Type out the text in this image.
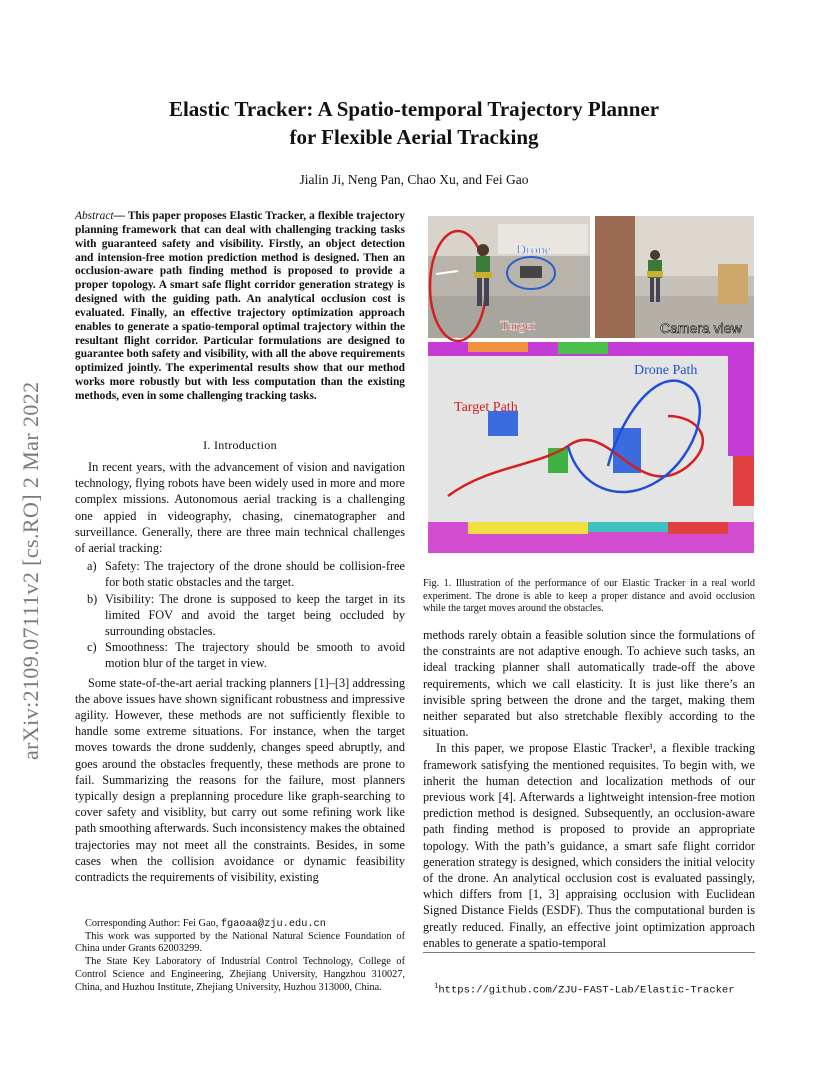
Elastic Tracker: A Spatio-temporal Trajectory Planner
for Flexible Aerial Tracking
Jialin Ji, Neng Pan, Chao Xu, and Fei Gao
arXiv:2109.07111v2 [cs.RO] 2 Mar 2022
Abstract— This paper proposes Elastic Tracker, a flexible trajectory planning framework that can deal with challenging tracking tasks with guaranteed safety and visibility. Firstly, an object detection and intension-free motion prediction method is designed. Then an occlusion-aware path finding method is proposed to provide a proper topology. A smart safe flight corridor generation strategy is designed with the guiding path. An analytical occlusion cost is evaluated. Finally, an effective trajectory optimization approach enables to generate a spatio-temporal optimal trajectory within the resultant flight corridor. Particular formulations are designed to guarantee both safety and visibility, with all the above requirements optimized jointly. The experimental results show that our method works more robustly but with less computation than the existing methods, even in some challenging tracking tasks.
I. Introduction

In recent years, with the advancement of vision and navigation technology, flying robots have been widely used in more and more complex missions. Autonomous aerial tracking is a challenging one appied in videography, chasing, cinematographer and surveillance. Generally, there are three main technical challenges of aerial tracking:

a) Safety: The trajectory of the drone should be collision-free for both static obstacles and the target.
b) Visibility: The drone is supposed to keep the target in its limited FOV and avoid the target being occluded by surrounding obstacles.
c) Smoothness: The trajectory should be smooth to avoid motion blur of the target in view.

Some state-of-the-art aerial tracking planners [1]–[3] addressing the above issues have shown significant robustness and impressive agility. However, these methods are not sufficiently flexible to handle some extreme situations. For instance, when the target moves towards the drone suddenly, changes speed abruptly, and goes around the obstacles frequently, these methods are prone to fail. Summarizing the reasons for the failure, most planners typically design a preplanning procedure like graph-searching to cover safety and visiblity, but carry out some refining work like path smoothing afterwards. Such inconsistency makes the obtained trajectories may not meet all the constraints. Besides, in some cases when the collision avoidance or dynamic feasibility contradicts the requirements of visibility, existing

Corresponding Author: Fei Gao, fgaoaa@zju.edu.cn

This work was supported by the National Natural Science Foundation of China under Grants 62003299.

The State Key Laboratory of Industrial Control Technology, College of Control Science and Engineering, Zhejiang University, Hangzhou 310027, China, and Huzhou Institute, Zhejiang University, Huzhou 313000, China.

Drone
Target	Camera view
Drone Path
Target Path
Fig. 1. Illustration of the performance of our Elastic Tracker in a real world experiment. The drone is able to keep a proper distance and avoid occlusion while the target moves around the obstacles.

methods rarely obtain a feasible solution since the formulations of the constraints are not adaptive enough. To achieve such tasks, an ideal tracking planner shall automatically trade-off the above requirements, which we call elasticity. It is just like there’s an invisible spring between the drone and the target, making them neither separated but also stretchable flexibly according to the situation.

In this paper, we propose Elastic Tracker¹, a flexible tracking framework satisfying the mentioned requisites. To begin with, we inherit the human detection and localization methods of our previous work [4]. Afterwards a lightweight intension-free motion prediction method is designed. Subsequently, an occlusion-aware path finding method is proposed to provide an appropriate topology. With the path’s guidance, a smart safe flight corridor generation strategy is designed, which considers the initial velocity of the drone. An analytical occlusion cost is evaluated passingly, which differs from [1, 3] appraising occlusion with Euclidean Signed Distance Fields (ESDF). Thus the computational burden is greatly reduced. Finally, an effective joint optimization approach enables to generate a spatio-temporal

$^1$https://github.com/ZJU-FAST-Lab/Elastic-Tracker
